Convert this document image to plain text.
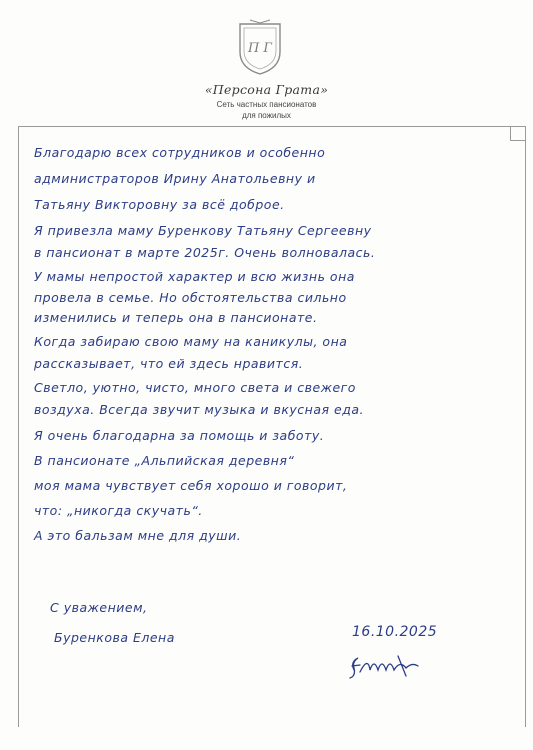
П Г
«Персона Грата»
Сеть частных пансионатов
для пожилых
Благодарю всех сотрудников и особенно
администраторов Ирину Анатольевну и
Татьяну Викторовну за всё доброе.
Я привезла маму Буренкову Татьяну Сергеевну
в пансионат в марте 2025г. Очень волновалась.
У мамы непростой характер и всю жизнь она
провела в семье. Но обстоятельства сильно
изменились и теперь она в пансионате.
Когда забираю свою маму на каникулы, она
рассказывает, что ей здесь нравится.
Светло, уютно, чисто, много света и свежего
воздуха. Всегда звучит музыка и вкусная еда.
Я очень благодарна за помощь и заботу.
В пансионате „Альпийская деревня“
моя мама чувствует себя хорошо и говорит,
что: „никогда скучать“.
А это бальзам мне для души.
С уважением,
Буренкова Елена	16.10.2025
